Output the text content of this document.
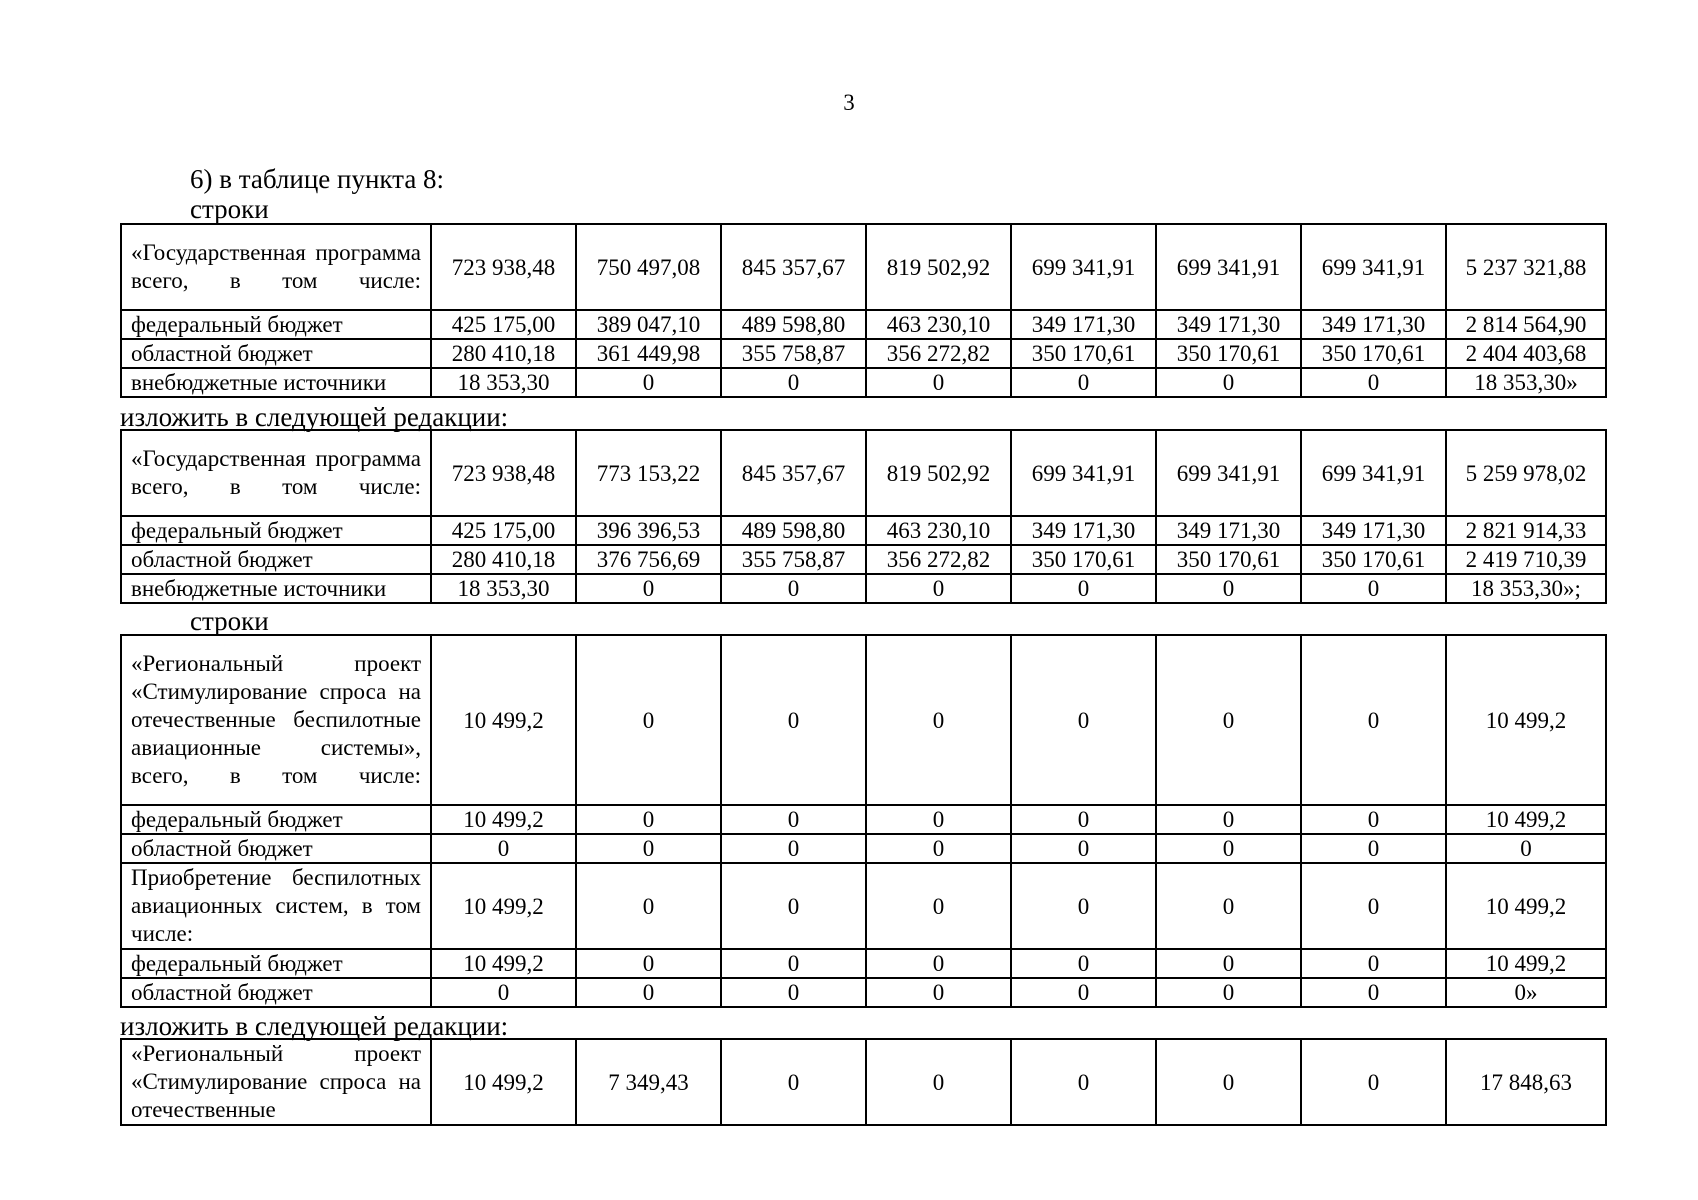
3
6) в таблице пункта 8:
строки
«Государственная программа всего, в том числе:	723 938,48	750 497,08	845 357,67	819 502,92	699 341,91	699 341,91	699 341,91	5 237 321,88
федеральный бюджет	425 175,00	389 047,10	489 598,80	463 230,10	349 171,30	349 171,30	349 171,30	2 814 564,90
областной бюджет	280 410,18	361 449,98	355 758,87	356 272,82	350 170,61	350 170,61	350 170,61	2 404 403,68
внебюджетные источники	18 353,30	0	0	0	0	0	0	18 353,30»
изложить в следующей редакции:
«Государственная программа всего, в том числе:	723 938,48	773 153,22	845 357,67	819 502,92	699 341,91	699 341,91	699 341,91	5 259 978,02
федеральный бюджет	425 175,00	396 396,53	489 598,80	463 230,10	349 171,30	349 171,30	349 171,30	2 821 914,33
областной бюджет	280 410,18	376 756,69	355 758,87	356 272,82	350 170,61	350 170,61	350 170,61	2 419 710,39
внебюджетные источники	18 353,30	0	0	0	0	0	0	18 353,30»;
строки
«Региональный проект «Стимулирование спроса на отечественные беспилотные авиационные системы», всего, в том числе:	10 499,2	0	0	0	0	0	0	10 499,2
федеральный бюджет	10 499,2	0	0	0	0	0	0	10 499,2
областной бюджет	0	0	0	0	0	0	0	0
Приобретение беспилотных авиационных систем, в том числе:	10 499,2	0	0	0	0	0	0	10 499,2
федеральный бюджет	10 499,2	0	0	0	0	0	0	10 499,2
областной бюджет	0	0	0	0	0	0	0	0»
изложить в следующей редакции:
«Региональный проект «Стимулирование спроса на отечественные	10 499,2	7 349,43	0	0	0	0	0	17 848,63
